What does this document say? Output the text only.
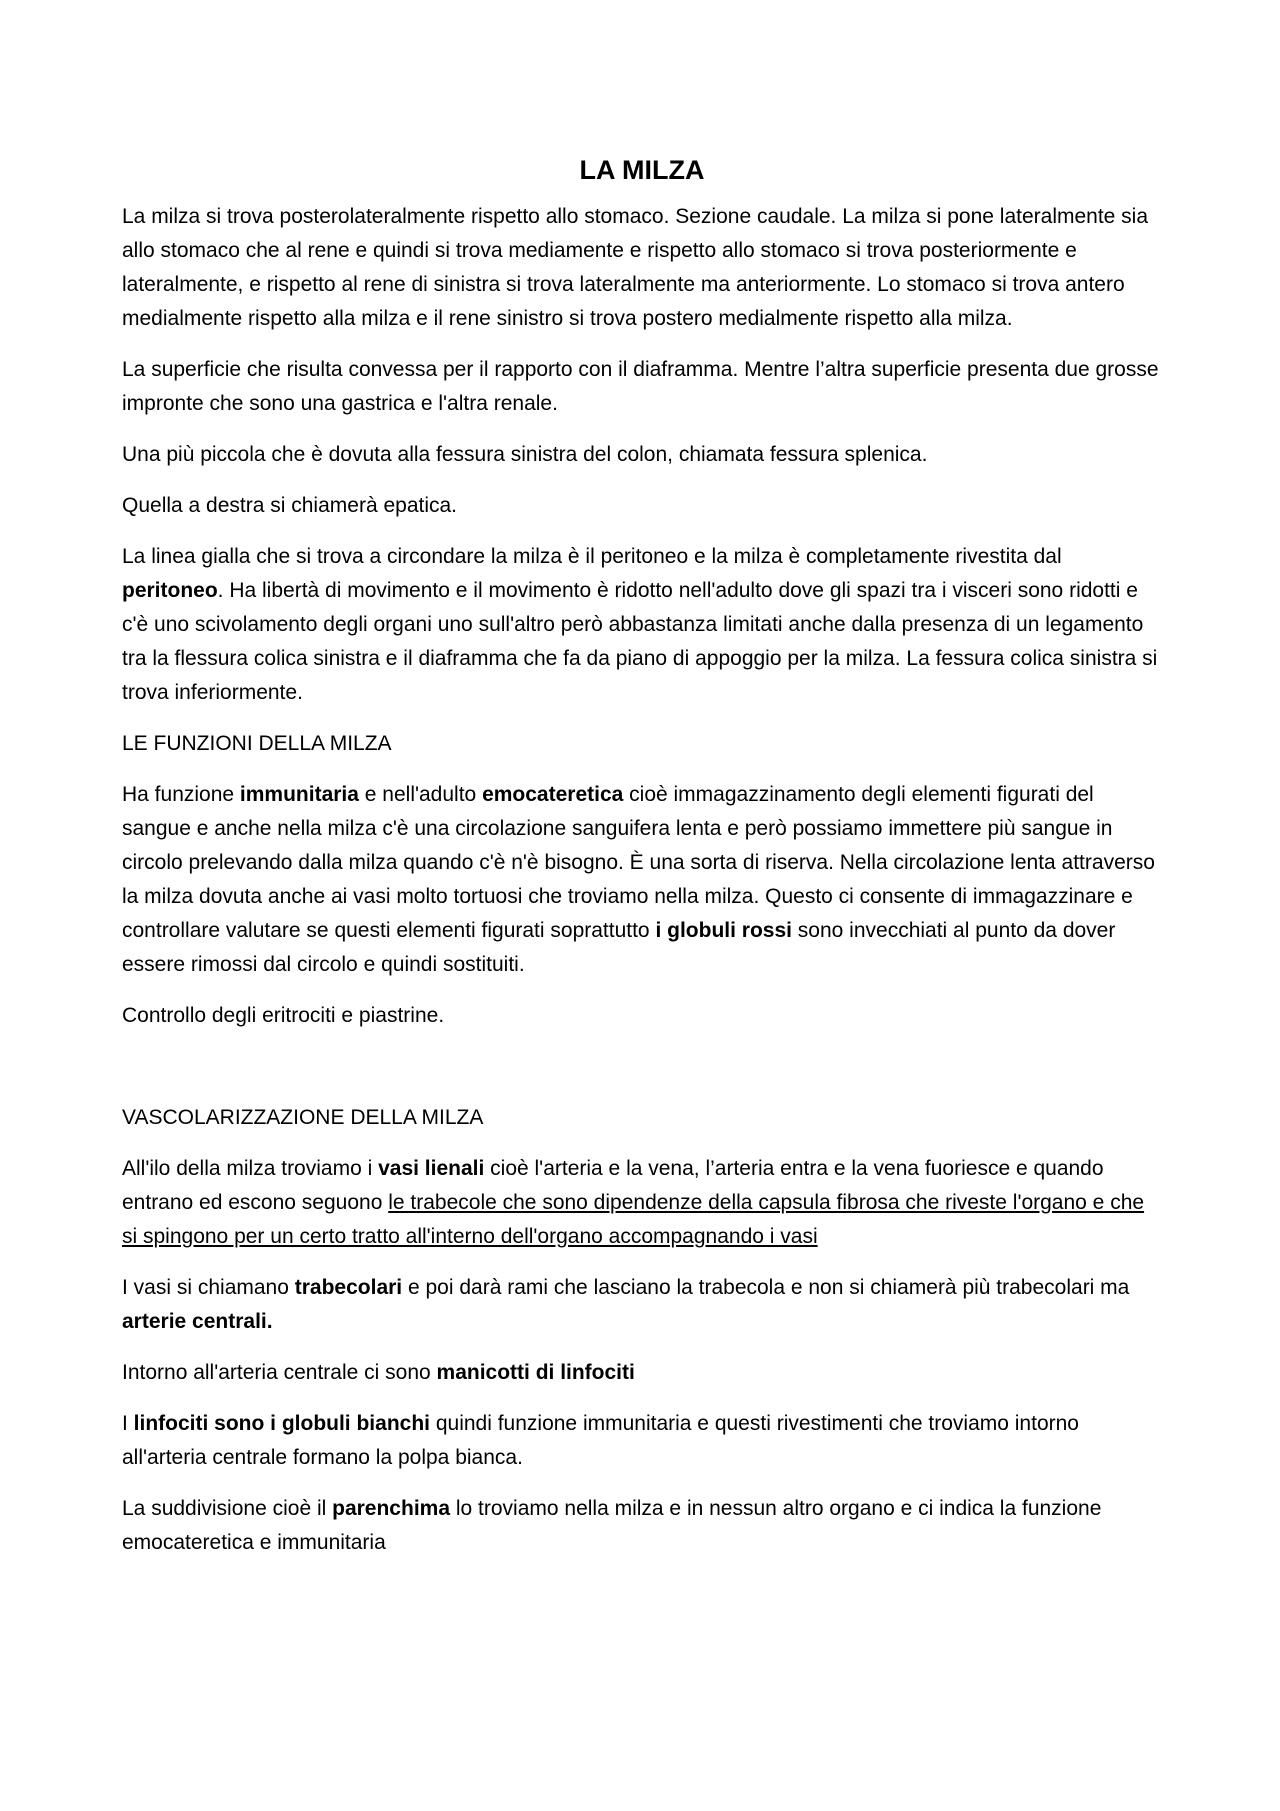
LA MILZA

La milza si trova posterolateralmente rispetto allo stomaco. Sezione caudale. La milza si pone lateralmente sia allo stomaco che al rene e quindi si trova mediamente e rispetto allo stomaco si trova posteriormente e lateralmente, e rispetto al rene di sinistra si trova lateralmente ma anteriormente. Lo stomaco si trova antero medialmente rispetto alla milza e il rene sinistro si trova postero medialmente rispetto alla milza.

La superficie che risulta convessa per il rapporto con il diaframma. Mentre l’altra superficie presenta due grosse impronte che sono una gastrica e l'altra renale.

Una più piccola che è dovuta alla fessura sinistra del colon, chiamata fessura splenica.

Quella a destra si chiamerà epatica.

La linea gialla che si trova a circondare la milza è il peritoneo e la milza è completamente rivestita dal peritoneo. Ha libertà di movimento e il movimento è ridotto nell'adulto dove gli spazi tra i visceri sono ridotti e c'è uno scivolamento degli organi uno sull'altro però abbastanza limitati anche dalla presenza di un legamento tra la flessura colica sinistra e il diaframma che fa da piano di appoggio per la milza. La fessura colica sinistra si trova inferiormente.

LE FUNZIONI DELLA MILZA

Ha funzione immunitaria e nell'adulto emocateretica cioè immagazzinamento degli elementi figurati del sangue e anche nella milza c'è una circolazione sanguifera lenta e però possiamo immettere più sangue in circolo prelevando dalla milza quando c'è n'è bisogno. È una sorta di riserva. Nella circolazione lenta attraverso la milza dovuta anche ai vasi molto tortuosi che troviamo nella milza. Questo ci consente di immagazzinare e controllare valutare se questi elementi figurati soprattutto i globuli rossi sono invecchiati al punto da dover essere rimossi dal circolo e quindi sostituiti.

Controllo degli eritrociti e piastrine.

VASCOLARIZZAZIONE DELLA MILZA

All'ilo della milza troviamo i vasi lienali cioè l'arteria e la vena, l’arteria entra e la vena fuoriesce e quando entrano ed escono seguono le trabecole che sono dipendenze della capsula fibrosa che riveste l'organo e che si spingono per un certo tratto all'interno dell'organo accompagnando i vasi

I vasi si chiamano trabecolari e poi darà rami che lasciano la trabecola e non si chiamerà più trabecolari ma arterie centrali.

Intorno all'arteria centrale ci sono manicotti di linfociti

I linfociti sono i globuli bianchi quindi funzione immunitaria e questi rivestimenti che troviamo intorno all'arteria centrale formano la polpa bianca.

La suddivisione cioè il parenchima lo troviamo nella milza e in nessun altro organo e ci indica la funzione emocateretica e immunitaria
